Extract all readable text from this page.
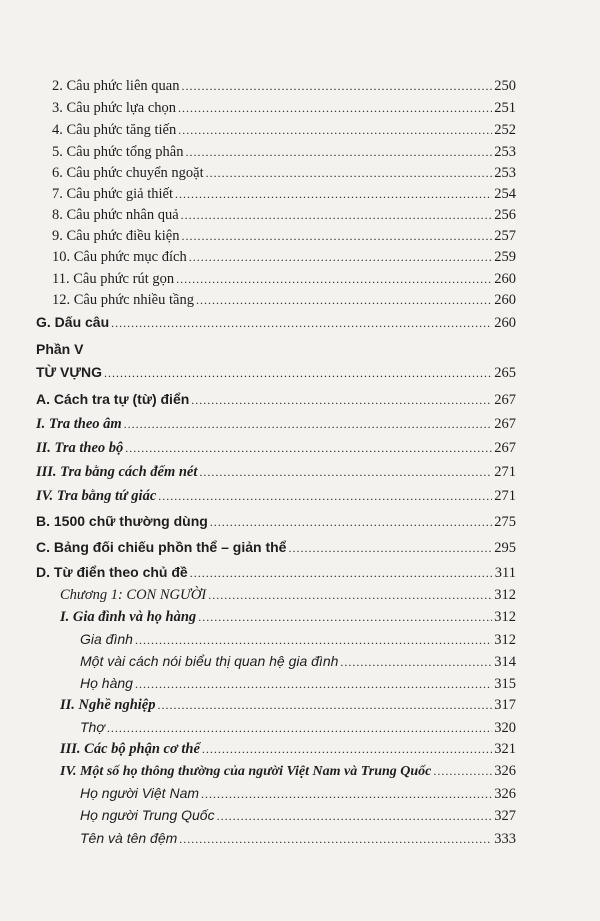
2. Câu phức liên quan .....	250
3. Câu phức lựa chọn .....	251
4. Câu phức tăng tiến .....	252
5. Câu phức tổng phân .....	253
6. Câu phức chuyển ngoặt .....	253
7. Câu phức giả thiết .....	254
8. Câu phức nhân quả .....	256
9. Câu phức điều kiện .....	257
10. Câu phức mục đích .....	259
11. Câu phức rút gọn .....	260
12. Câu phức nhiều tầng .....	260
G. Dấu câu .....	260
Phần V
TỪ VỰNG .....	265
A. Cách tra tự (từ) điển .....	267
I. Tra theo âm .....	267
II. Tra theo bộ .....	267
III. Tra bằng cách đếm nét .....	271
IV. Tra bằng tứ giác .....	271
B. 1500 chữ thường dùng .....	275
C. Bảng đối chiếu phồn thể – giản thể .....	295
D. Từ điển theo chủ đề .....	311
Chương 1: CON NGƯỜI .....	312
I. Gia đình và họ hàng .....	312
Gia đình .....	312
Một vài cách nói biểu thị quan hệ gia đình .....	314
Họ hàng .....	315
II. Nghề nghiệp .....	317
Thợ .....	320
III. Các bộ phận cơ thể .....	321
IV. Một số họ thông thường của người Việt Nam và Trung Quốc .....	326
Họ người Việt Nam .....	326
Họ người Trung Quốc .....	327
Tên và tên đệm .....	333
